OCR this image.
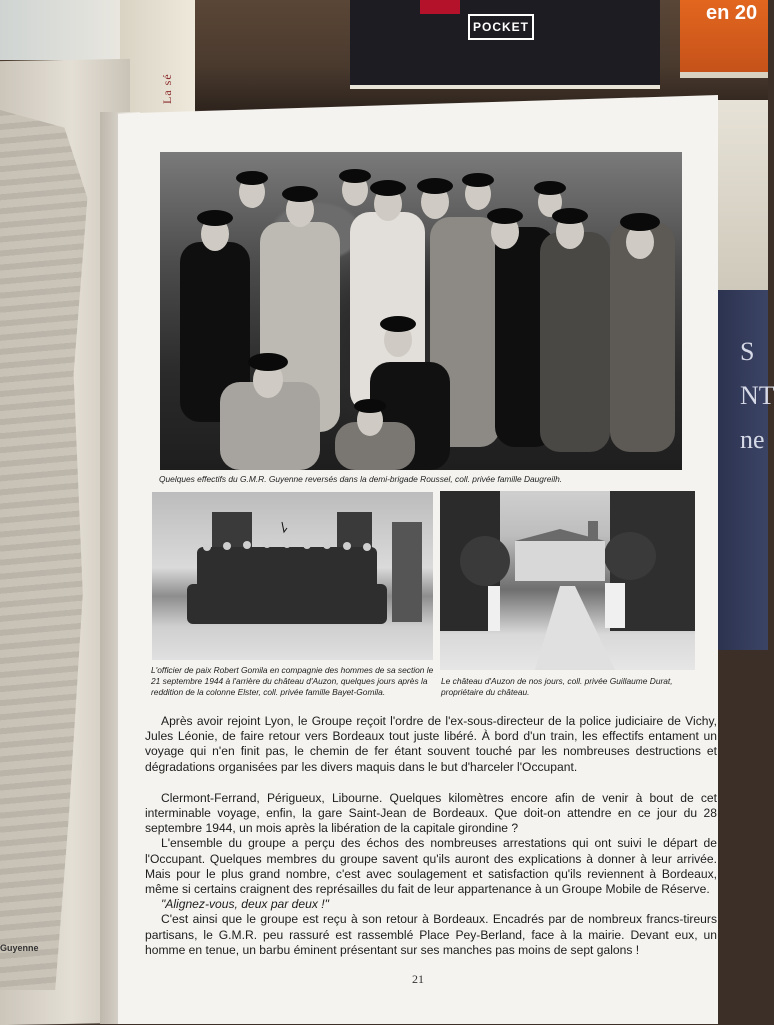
La sé
POCKET
en 20
S NT ne
Guyenne
Quelques effectifs du G.M.R. Guyenne reversés dans la demi-brigade Roussel, coll. privée famille Daugreilh.
L'officier de paix Robert Gomila en compagnie des hommes de sa section le 21 septembre 1944 à l'arrière du château d'Auzon, quelques jours après la reddition de la colonne Elster, coll. privée famille Bayet-Gomila.
Le château d'Auzon de nos jours, coll. privée Guillaume Durat, propriétaire du château.

Après avoir rejoint Lyon, le Groupe reçoit l'ordre de l'ex-sous-directeur de la police judiciaire de Vichy, Jules Léonie, de faire retour vers Bordeaux tout juste libéré. À bord d'un train, les effectifs entament un voyage qui n'en finit pas, le chemin de fer étant souvent touché par les nombreuses destructions et dégradations organisées par les divers maquis dans le but d'harceler l'Occupant.

Clermont-Ferrand, Périgueux, Libourne. Quelques kilomètres encore afin de venir à bout de cet interminable voyage, enfin, la gare Saint-Jean de Bordeaux. Que doit-on attendre en ce jour du 28 septembre 1944, un mois après la libération de la capitale girondine ?

L'ensemble du groupe a perçu des échos des nombreuses arrestations qui ont suivi le départ de l'Occupant. Quelques membres du groupe savent qu'ils auront des explications à donner à leur arrivée. Mais pour le plus grand nombre, c'est avec soulagement et satisfaction qu'ils reviennent à Bordeaux, même si certains craignent des représailles du fait de leur appartenance à un Groupe Mobile de Réserve.

"Alignez-vous, deux par deux !"

C'est ainsi que le groupe est reçu à son retour à Bordeaux. Encadrés par de nombreux francs-tireurs partisans, le G.M.R. peu rassuré est rassemblé Place Pey-Berland, face à la mairie. Devant eux, un homme en tenue, un barbu éminent présentant sur ses manches pas moins de sept galons !

21
